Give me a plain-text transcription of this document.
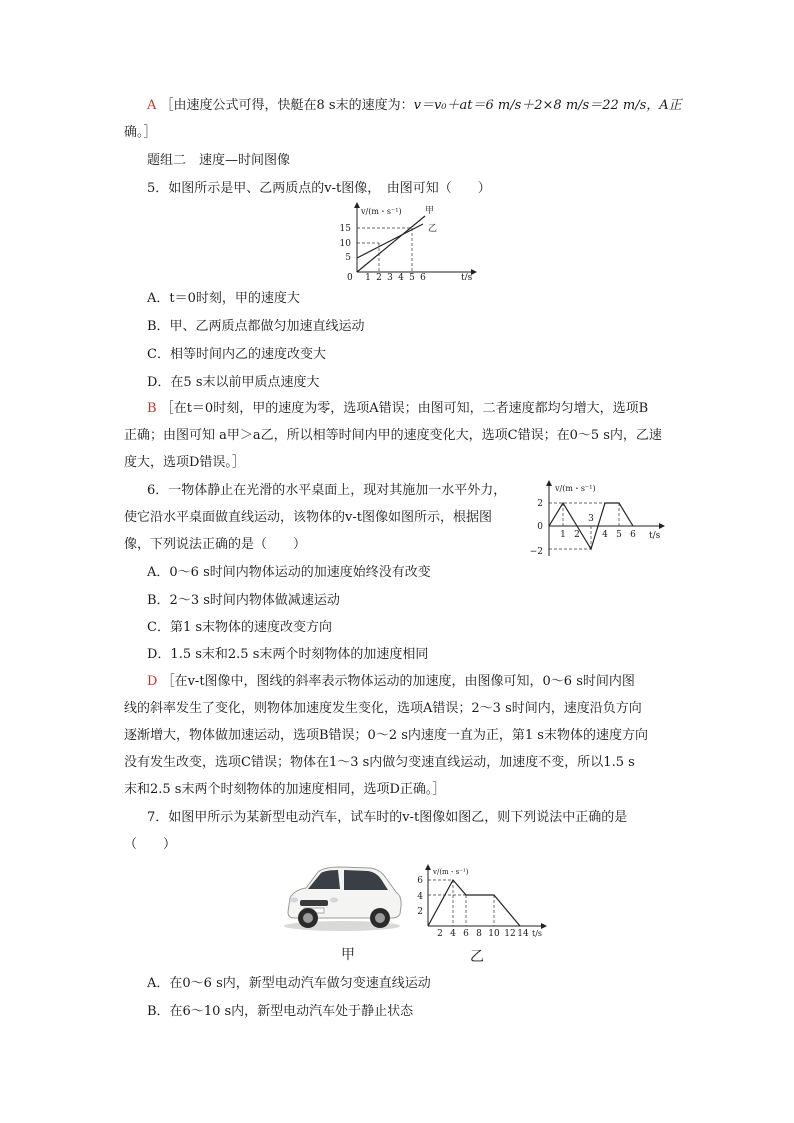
A ［由速度公式可得，快艇在8 s末的速度为：v＝v₀＋at＝6 m/s＋2×8 m/s＝22 m/s，A正
确。］
题组二　速度—时间图像
5．如图所示是甲、乙两质点的v-t图像，　由图可知（　　）
v/(m・s⁻¹)
t/s
5
10
15
0 1 2 3 4 5 6
甲
乙
A．t＝0时刻，甲的速度大
B．甲、乙两质点都做匀加速直线运动
C．相等时间内乙的速度改变大
D．在5 s末以前甲质点速度大
B ［在t＝0时刻，甲的速度为零，选项A错误；由图可知，二者速度都均匀增大，选项B
正确；由图可知 a甲＞a乙，所以相等时间内甲的速度变化大，选项C错误；在0～5 s内，乙速
度大，选项D错误。］
6．一物体静止在光滑的水平桌面上，现对其施加一水平外力，
使它沿水平桌面做直线运动，该物体的v-t图像如图所示，根据图
像，下列说法正确的是（　　）
v/(m・s⁻¹)
t/s
2
0
−2
1 2
3
4 5 6
A．0～6 s时间内物体运动的加速度始终没有改变
B．2～3 s时间内物体做减速运动
C．第1 s末物体的速度改变方向
D．1.5 s末和2.5 s末两个时刻物体的加速度相同
D ［在v-t图像中，图线的斜率表示物体运动的加速度，由图像可知，0～6 s时间内图
线的斜率发生了变化，则物体加速度发生变化，选项A错误；2～3 s时间内，速度沿负方向
逐渐增大，物体做加速运动，选项B错误；0～2 s内速度一直为正，第1 s末物体的速度方向
没有发生改变，选项C错误；物体在1～3 s内做匀变速直线运动，加速度不变，所以1.5 s
末和2.5 s末两个时刻物体的加速度相同，选项D正确。］
7．如图甲所示为某新型电动汽车，试车时的v-t图像如图乙，则下列说法中正确的是
（　　）
v/(m・s⁻¹)
t/s
2
4
6
2 4 6 8 10 12 14
甲	乙
A．在0～6 s内，新型电动汽车做匀变速直线运动
B．在6～10 s内，新型电动汽车处于静止状态
